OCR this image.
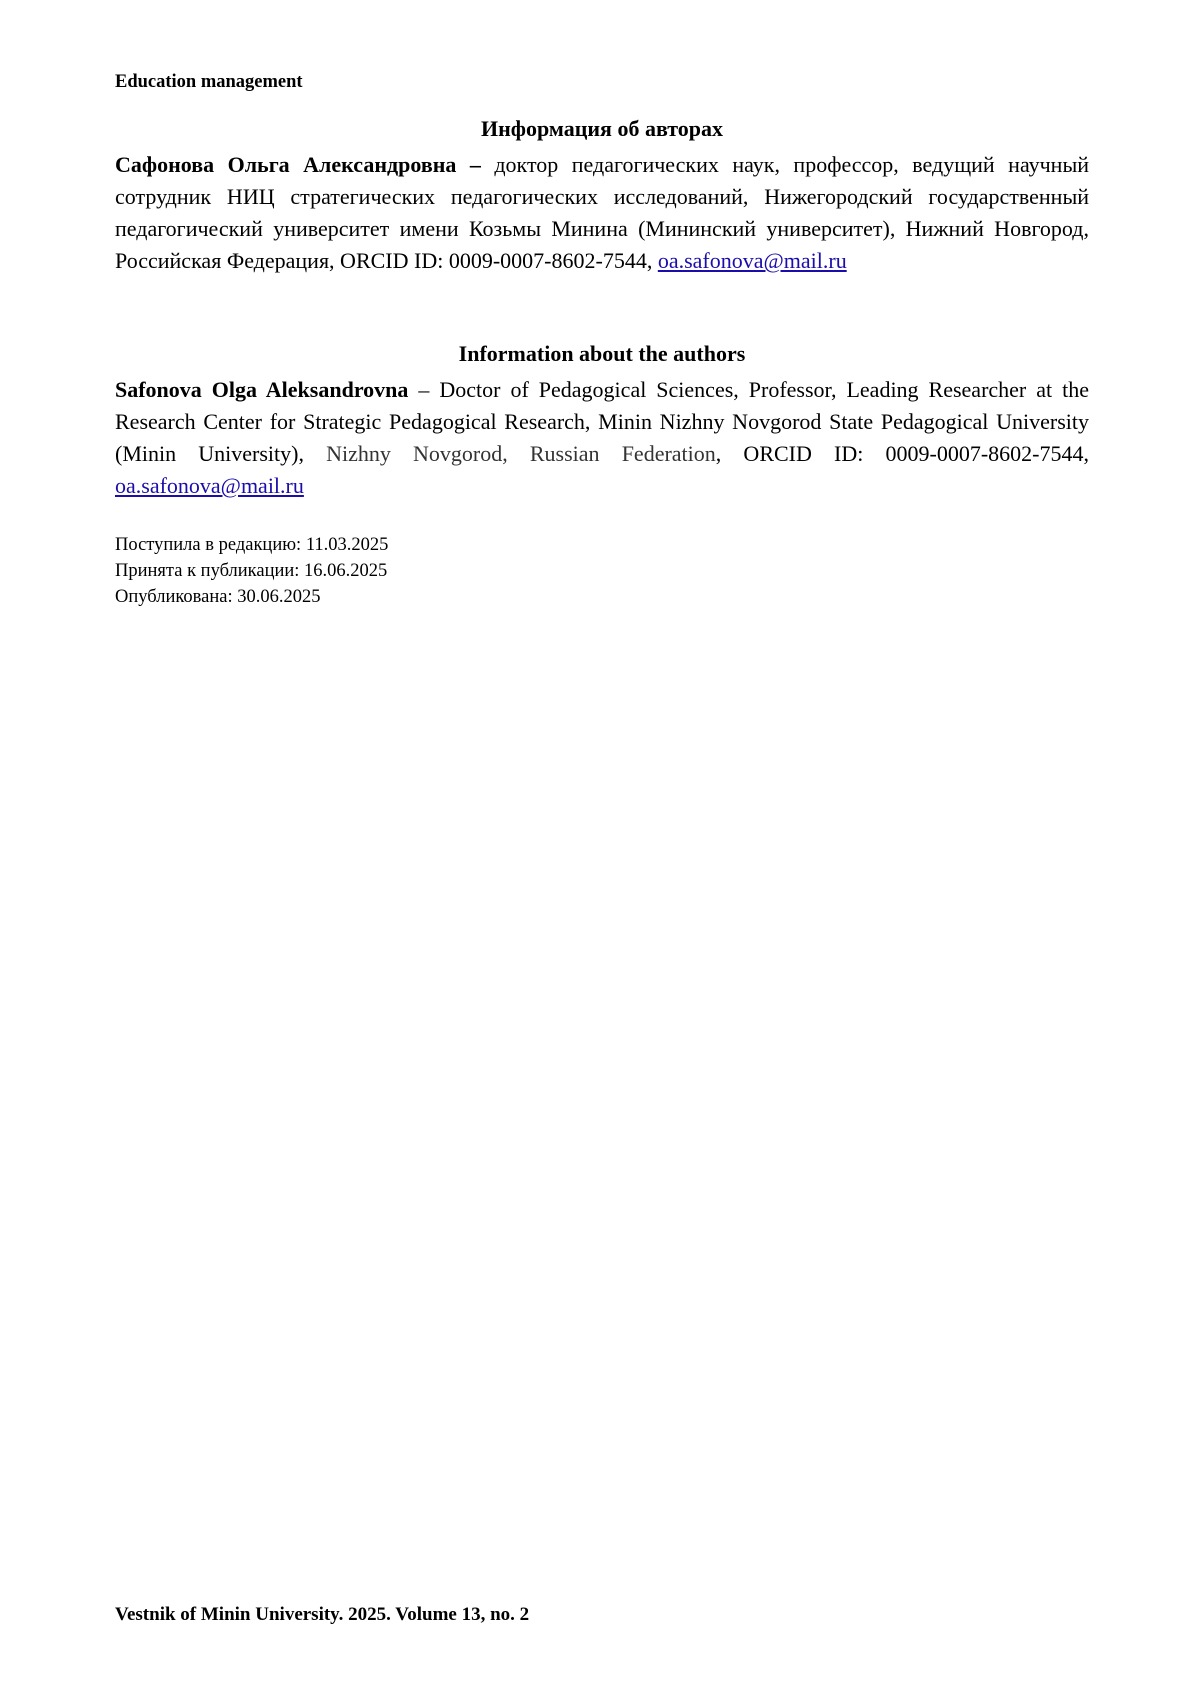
Education management
Информация об авторах

Сафонова Ольга Александровна – доктор педагогических наук, профессор, ведущий научный сотрудник НИЦ стратегических педагогических исследований, Нижегородский государственный педагогический университет имени Козьмы Минина (Мининский университет), Нижний Новгород, Российская Федерация, ORCID ID: 0009-0007-8602-7544, oa.safonova@mail.ru

Information about the authors

Safonova Olga Aleksandrovna – Doctor of Pedagogical Sciences, Professor, Leading Researcher at the Research Center for Strategic Pedagogical Research, Minin Nizhny Novgorod State Pedagogical University (Minin University), Nizhny Novgorod, Russian Federation, ORCID ID: 0009-0007-8602-7544, oa.safonova@mail.ru

Поступила в редакцию: 11.03.2025
Принята к публикации: 16.06.2025
Опубликована: 30.06.2025
Vestnik of Minin University. 2025. Volume 13, no. 2
